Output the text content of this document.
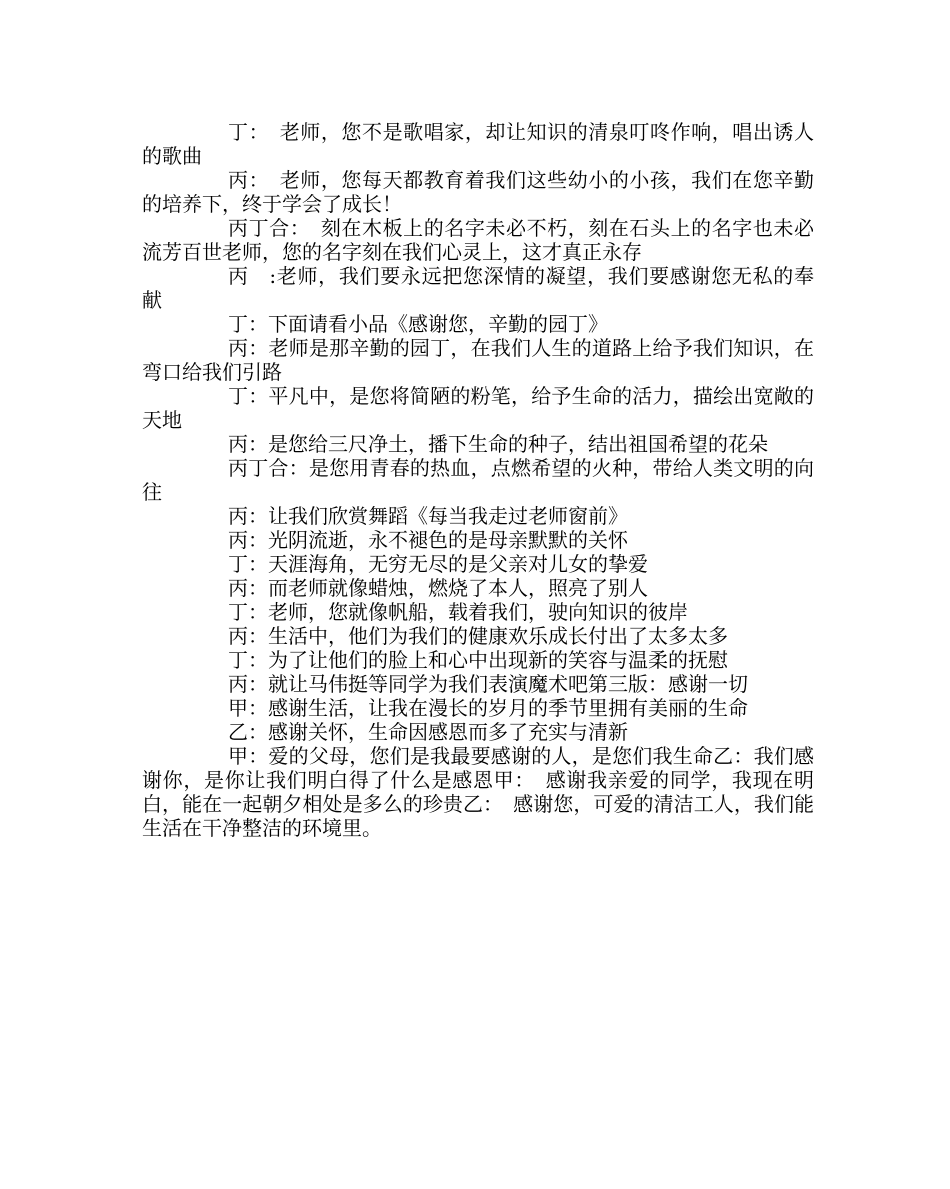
丁：　老师，您不是歌唱家，却让知识的清泉叮咚作响，唱出诱人的歌曲

丙：　老师，您每天都教育着我们这些幼小的小孩，我们在您辛勤的培养下，终于学会了成长！

丙丁合：　刻在木板上的名字未必不朽，刻在石头上的名字也未必流芳百世老师，您的名字刻在我们心灵上，这才真正永存

丙　:老师，我们要永远把您深情的凝望，我们要感谢您无私的奉献

丁：下面请看小品《感谢您，辛勤的园丁》

丙：老师是那辛勤的园丁，在我们人生的道路上给予我们知识，在弯口给我们引路

丁：平凡中，是您将简陋的粉笔，给予生命的活力，描绘出宽敞的天地

丙：是您给三尺净土，播下生命的种子，结出祖国希望的花朵

丙丁合：是您用青春的热血，点燃希望的火种，带给人类文明的向往

丙：让我们欣赏舞蹈《每当我走过老师窗前》

丙：光阴流逝，永不褪色的是母亲默默的关怀

丁：天涯海角，无穷无尽的是父亲对儿女的挚爱

丙：而老师就像蜡烛，燃烧了本人，照亮了别人

丁：老师，您就像帆船，载着我们，驶向知识的彼岸

丙：生活中，他们为我们的健康欢乐成长付出了太多太多

丁：为了让他们的脸上和心中出现新的笑容与温柔的抚慰

丙：就让马伟挺等同学为我们表演魔术吧第三版：感谢一切

甲：感谢生活，让我在漫长的岁月的季节里拥有美丽的生命

乙：感谢关怀，生命因感恩而多了充实与清新

甲：爱的父母，您们是我最要感谢的人，是您们我生命乙：我们感谢你，是你让我们明白得了什么是感恩甲：　感谢我亲爱的同学，我现在明白，能在一起朝夕相处是多么的珍贵乙：　感谢您，可爱的清洁工人，我们能生活在干净整洁的环境里。
